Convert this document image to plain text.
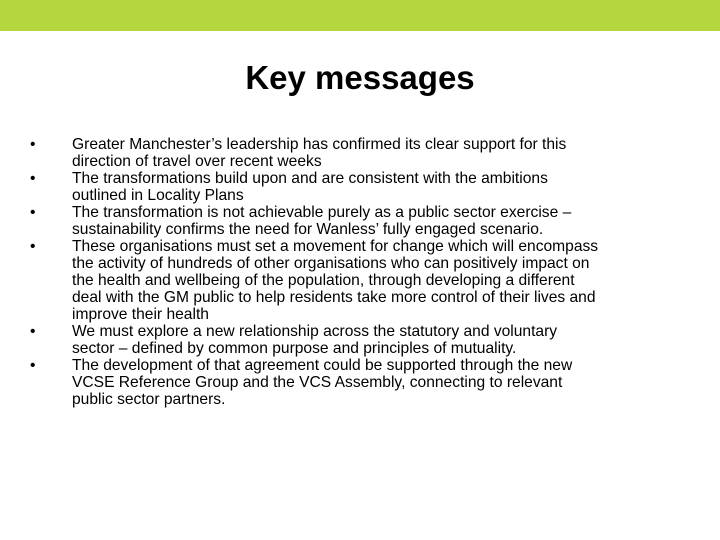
Key messages
•	Greater Manchester’s leadership has confirmed its clear support for this
direction of travel over recent weeks
•	The transformations build upon and are consistent with the ambitions
outlined in Locality Plans
•	The transformation is not achievable purely as a public sector exercise –
sustainability confirms the need for Wanless’ fully engaged scenario.
•	These organisations must set a movement for change which will encompass
the activity of hundreds of other organisations who can positively impact on
the health and wellbeing of the population, through developing a different
deal with the GM public to help residents take more control of their lives and
improve their health
•	We must explore a new relationship across the statutory and voluntary
sector – defined by common purpose and principles of mutuality.
•	The development of that agreement could be supported through the new
VCSE Reference Group and the VCS Assembly, connecting to relevant
public sector partners.
